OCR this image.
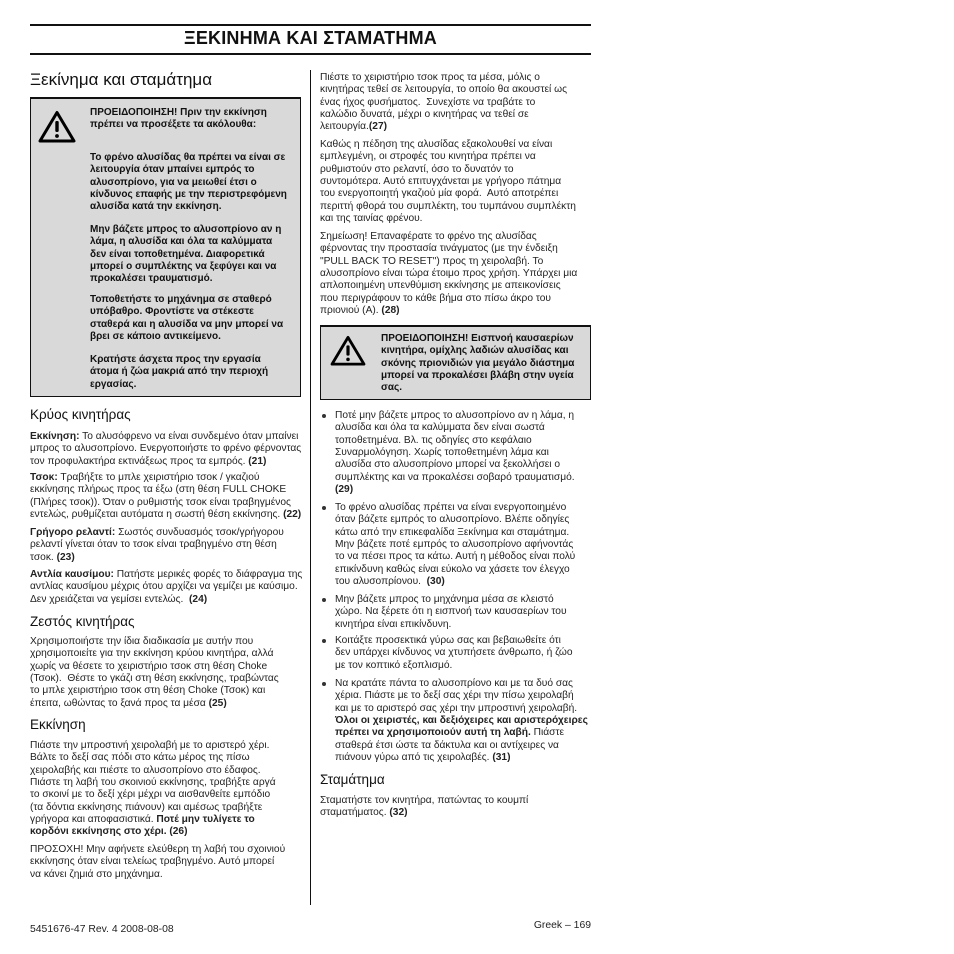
ΞΕΚΙΝΗΜΑ ΚΑΙ ΣΤΑΜΑΤΗΜΑ
Ξεκίνημα και σταμάτημα
ΠΡΟΕΙΔΟΠΟΙΗΣΗ! Πριν την εκκίνηση
πρέπει να προσέξετε τα ακόλουθα:
Το φρένο αλυσίδας θα πρέπει να είναι σε
λειτουργία όταν μπαίνει εμπρός το
αλυσοπρίονο, για να μειωθεί έτσι ο
κίνδυνος επαφής με την περιστρεφόμενη
αλυσίδα κατά την εκκίνηση.
Μην βάζετε μπρος το αλυσοπρίονο αν η
λάμα, η αλυσίδα και όλα τα καλύμματα
δεν είναι τοποθετημένα. Διαφορετικά
μπορεί ο συμπλέκτης να ξεφύγει και να
προκαλέσει τραυματισμό.
Τοποθετήστε το μηχάνημα σε σταθερό
υπόβαθρο. Φροντίστε να στέκεστε
σταθερά και η αλυσίδα να μην μπορεί να
βρει σε κάποιο αντικείμενο.
Κρατήστε άσχετα προς την εργασία
άτομα ή ζώα μακριά από την περιοχή
εργασίας.
Κρύος κινητήρας
Εκκίνηση: Το αλυσόφρενο να είναι συνδεμένο όταν μπαίνει
μπρος το αλυσοπρίονο. Ενεργοποιήστε το φρένο φέρνοντας
τον προφυλακτήρα εκτινάξεως προς τα εμπρός. (21)
Τσοκ: Τραβήξτε το μπλε χειριστήριο τσοκ / γκαζιού
εκκίνησης πλήρως προς τα έξω (στη θέση FULL CHOKE
(Πλήρες τσοκ)). Όταν ο ρυθμιστής τσοκ είναι τραβηγμένος
εντελώς, ρυθμίζεται αυτόματα η σωστή θέση εκκίνησης. (22)
Γρήγορο ρελαντί: Σωστός συνδυασμός τσοκ/γρήγορου
ρελαντί γίνεται όταν το τσοκ είναι τραβηγμένο στη θέση
τσοκ. (23)
Αντλία καυσίμου: Πατήστε μερικές φορές το διάφραγμα της
αντλίας καυσίμου μέχρις ότου αρχίζει να γεμίζει με καύσιμο.
Δεν χρειάζεται να γεμίσει εντελώς.  (24)
Ζεστός κινητήρας
Χρησιμοποιήστε την ίδια διαδικασία με αυτήν που
χρησιμοποιείτε για την εκκίνηση κρύου κινητήρα, αλλά
χωρίς να θέσετε το χειριστήριο τσοκ στη θέση Choke
(Τσοκ).  Θέστε το γκάζι στη θέση εκκίνησης, τραβώντας
το μπλε χειριστήριο τσοκ στη θέση Choke (Τσοκ) και
έπειτα, ωθώντας το ξανά προς τα μέσα (25)
Εκκίνηση
Πιάστε την μπροστινή χειρολαβή με το αριστερό χέρι.
Βάλτε το δεξί σας πόδι στο κάτω μέρος της πίσω
χειρολαβής και πιέστε το αλυσοπρίονο στο έδαφος.
Πιάστε τη λαβή του σκοινιού εκκίνησης, τραβήξτε αργά
το σκοινί με το δεξί χέρι μέχρι να αισθανθείτε εμπόδιο
(τα δόντια εκκίνησης πιάνουν) και αμέσως τραβήξτε
γρήγορα και αποφασιστικά. Ποτέ μην τυλίγετε το
κορδόνι εκκίνησης στο χέρι. (26)
ΠΡΟΣΟΧΗ! Μην αφήνετε ελεύθερη τη λαβή του σχοινιού
εκκίνησης όταν είναι τελείως τραβηγμένο. Αυτό μπορεί
να κάνει ζημιά στο μηχάνημα.
Πιέστε το χειριστήριο τσοκ προς τα μέσα, μόλις ο
κινητήρας τεθεί σε λειτουργία, το οποίο θα ακουστεί ως
ένας ήχος φυσήματος.  Συνεχίστε να τραβάτε το
καλώδιο δυνατά, μέχρι ο κινητήρας να τεθεί σε
λειτουργία.(27)
Καθώς η πέδηση της αλυσίδας εξακολουθεί να είναι
εμπλεγμένη, οι στροφές του κινητήρα πρέπει να
ρυθμιστούν στο ρελαντί, όσο το δυνατόν το
συντομότερα. Αυτό επιτυγχάνεται με γρήγορο πάτημα
του ενεργοποιητή γκαζιού μία φορά.  Αυτό αποτρέπει
περιττή φθορά του συμπλέκτη, του τυμπάνου συμπλέκτη
και της ταινίας φρένου.
Σημείωση! Επαναφέρατε το φρένο της αλυσίδας
φέρνοντας την προστασία τινάγματος (με την ένδειξη
"PULL BACK TO RESET") προς τη χειρολαβή. Το
αλυσοπρίονο είναι τώρα έτοιμο προς χρήση. Υπάρχει μια
απλοποιημένη υπενθύμιση εκκίνησης με απεικονίσεις
που περιγράφουν το κάθε βήμα στο πίσω άκρο του
πριονιού (A). (28)
ΠΡΟΕΙΔΟΠΟΙΗΣΗ! Εισπνοή καυσαερίων
κινητήρα, ομίχλης λαδιών αλυσίδας και
σκόνης πριονιδιών για μεγάλο διάστημα
μπορεί να προκαλέσει βλάβη στην υγεία
σας.
Ποτέ μην βάζετε μπρος το αλυσοπρίονο αν η λάμα, η
αλυσίδα και όλα τα καλύμματα δεν είναι σωστά
τοποθετημένα. Βλ. τις οδηγίες στο κεφάλαιο
Συναρμολόγηση. Χωρίς τοποθετημένη λάμα και
αλυσίδα στο αλυσοπρίονο μπορεί να ξεκολλήσει ο
συμπλέκτης και να προκαλέσει σοβαρό τραυματισμό.
(29)
Το φρένο αλυσίδας πρέπει να είναι ενεργοποιημένο
όταν βάζετε εμπρός το αλυσοπρίονο. Βλέπε οδηγίες
κάτω από την επικεφαλίδα Ξεκίνημα και σταμάτημα.
Μην βάζετε ποτέ εμπρός το αλυσοπρίονο αφήνοντάς
το να πέσει προς τα κάτω. Αυτή η μέθοδος είναι πολύ
επικίνδυνη καθώς είναι εύκολο να χάσετε τον έλεγχο
του αλυσοπρίονου.  (30)
Μην βάζετε μπρος το μηχάνημα μέσα σε κλειστό
χώρο. Να ξέρετε ότι η εισπνοή των καυσαερίων του
κινητήρα είναι επικίνδυνη.
Κοιτάξτε προσεκτικά γύρω σας και βεβαιωθείτε ότι
δεν υπάρχει κίνδυνος να χτυπήσετε άνθρωπο, ή ζώο
με τον κοπτικό εξοπλισμό.
Να κρατάτε πάντα το αλυσοπρίονο και με τα δυό σας
χέρια. Πιάστε με το δεξί σας χέρι την πίσω χειρολαβή
και με το αριστερό σας χέρι την μπροστινή χειρολαβή.
Όλοι οι χειριστές, και δεξιόχειρες και αριστερόχειρες
πρέπει να χρησιμοποιούν αυτή τη λαβή. Πιάστε
σταθερά έτσι ώστε τα δάκτυλα και οι αντίχειρες να
πιάνουν γύρω από τις χειρολαβές. (31)
Σταμάτημα
Σταματήστε τον κινητήρα, πατώντας το κουμπί
σταματήματος. (32)
5451676-47 Rev. 4 2008-08-08	Greek – 169
